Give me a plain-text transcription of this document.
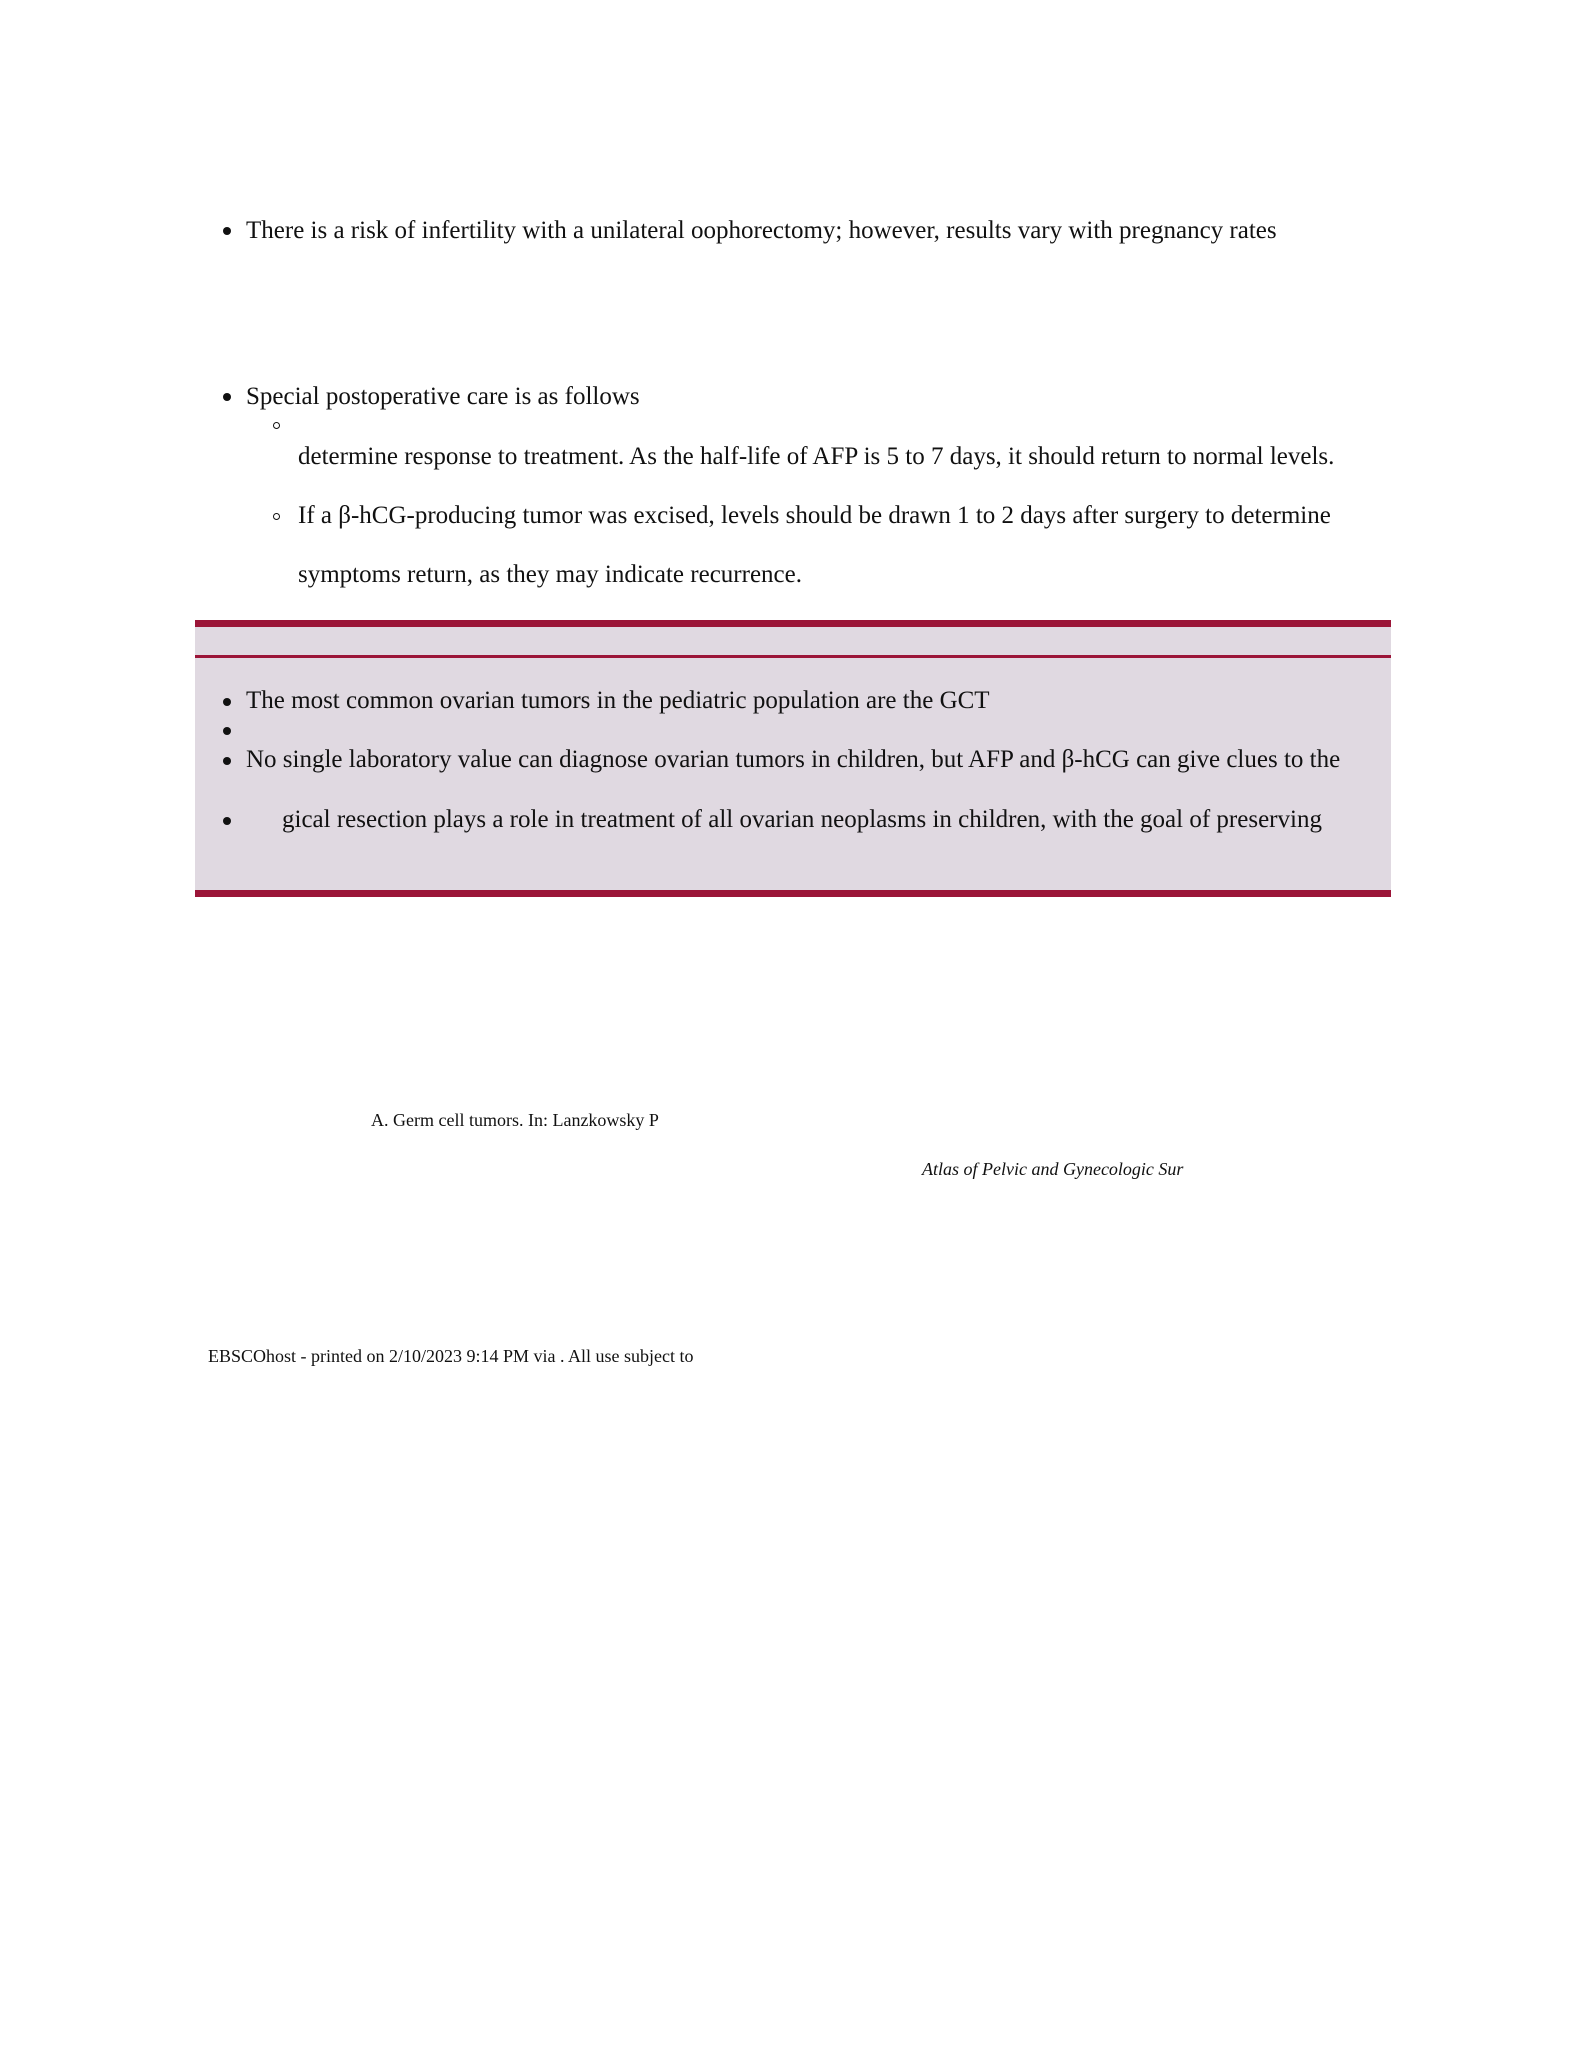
There is a risk of infertility with a unilateral oophorectomy; however, results vary with pregnancy rates
Special postoperative care is as follows
determine response to treatment. As the half-life of AFP is 5 to 7 days, it should return to normal levels.
If a β-hCG-producing tumor was excised, levels should be drawn 1 to 2 days after surgery to determine
symptoms return, as they may indicate recurrence.
The most common ovarian tumors in the pediatric population are the GCT
No single laboratory value can diagnose ovarian tumors in children, but AFP and β-hCG can give clues to the
gical resection plays a role in treatment of all ovarian neoplasms in children, with the goal of preserving
A. Germ cell tumors. In: Lanzkowsky P
Atlas of Pelvic and Gynecologic Sur
EBSCOhost - printed on 2/10/2023 9:14 PM via . All use subject to
